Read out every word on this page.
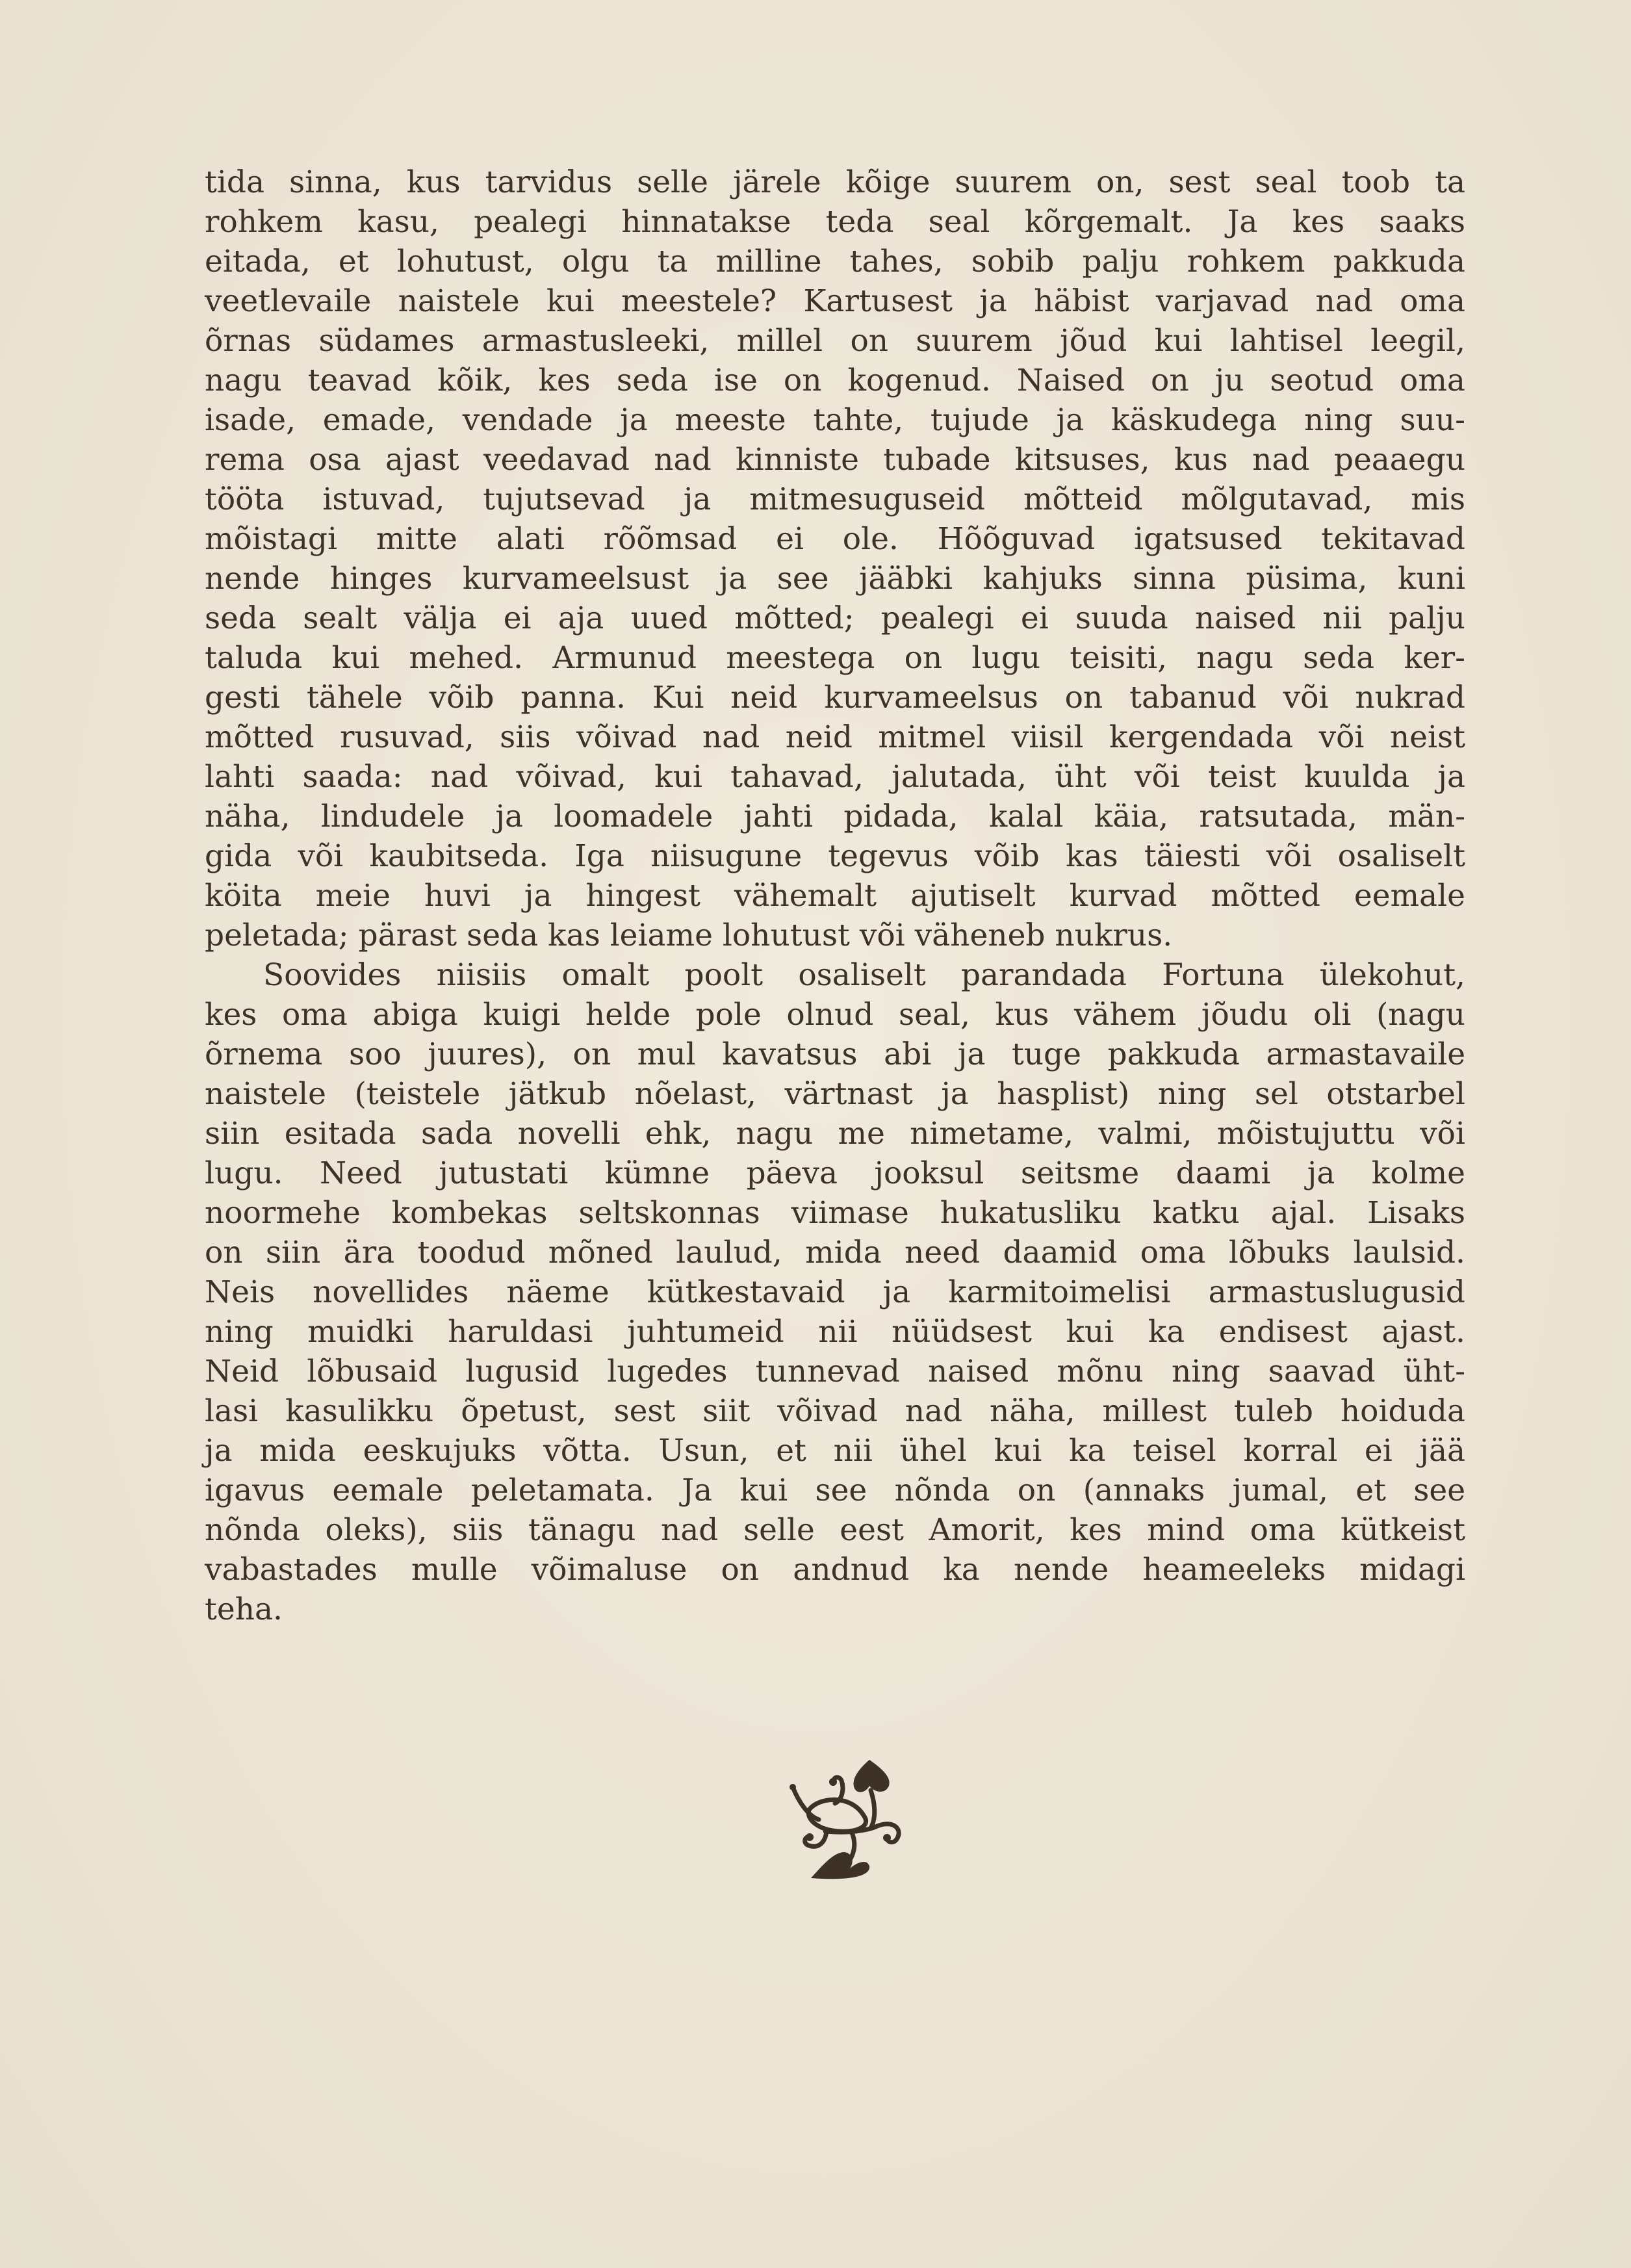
tida sinna, kus tarvidus selle järele kõige suurem on, sest seal toob ta
rohkem kasu, pealegi hinnatakse teda seal kõrgemalt. Ja kes saaks
eitada, et lohutust, olgu ta milline tahes, sobib palju rohkem pakkuda
veetlevaile naistele kui meestele? Kartusest ja häbist varjavad nad oma
õrnas südames armastusleeki, millel on suurem jõud kui lahtisel leegil,
nagu teavad kõik, kes seda ise on kogenud. Naised on ju seotud oma
isade, emade, vendade ja meeste tahte, tujude ja käskudega ning suu-
rema osa ajast veedavad nad kinniste tubade kitsuses, kus nad peaaegu
tööta istuvad, tujutsevad ja mitmesuguseid mõtteid mõlgutavad, mis
mõistagi mitte alati rõõmsad ei ole. Hõõguvad igatsused tekitavad
nende hinges kurvameelsust ja see jääbki kahjuks sinna püsima, kuni
seda sealt välja ei aja uued mõtted; pealegi ei suuda naised nii palju
taluda kui mehed. Armunud meestega on lugu teisiti, nagu seda ker-
gesti tähele võib panna. Kui neid kurvameelsus on tabanud või nukrad
mõtted rusuvad, siis võivad nad neid mitmel viisil kergendada või neist
lahti saada: nad võivad, kui tahavad, jalutada, üht või teist kuulda ja
näha, lindudele ja loomadele jahti pidada, kalal käia, ratsutada, män-
gida või kaubitseda. Iga niisugune tegevus võib kas täiesti või osaliselt
köita meie huvi ja hingest vähemalt ajutiselt kurvad mõtted eemale
peletada; pärast seda kas leiame lohutust või väheneb nukrus.
Soovides niisiis omalt poolt osaliselt parandada Fortuna ülekohut,
kes oma abiga kuigi helde pole olnud seal, kus vähem jõudu oli (nagu
õrnema soo juures), on mul kavatsus abi ja tuge pakkuda armastavaile
naistele (teistele jätkub nõelast, värtnast ja hasplist) ning sel otstarbel
siin esitada sada novelli ehk, nagu me nimetame, valmi, mõistujuttu või
lugu. Need jutustati kümne päeva jooksul seitsme daami ja kolme
noormehe kombekas seltskonnas viimase hukatusliku katku ajal. Lisaks
on siin ära toodud mõned laulud, mida need daamid oma lõbuks laulsid.
Neis novellides näeme kütkestavaid ja karmitoimelisi armastuslugusid
ning muidki haruldasi juhtumeid nii nüüdsest kui ka endisest ajast.
Neid lõbusaid lugusid lugedes tunnevad naised mõnu ning saavad üht-
lasi kasulikku õpetust, sest siit võivad nad näha, millest tuleb hoiduda
ja mida eeskujuks võtta. Usun, et nii ühel kui ka teisel korral ei jää
igavus eemale peletamata. Ja kui see nõnda on (annaks jumal, et see
nõnda oleks), siis tänagu nad selle eest Amorit, kes mind oma kütkeist
vabastades mulle võimaluse on andnud ka nende heameeleks midagi
teha.
